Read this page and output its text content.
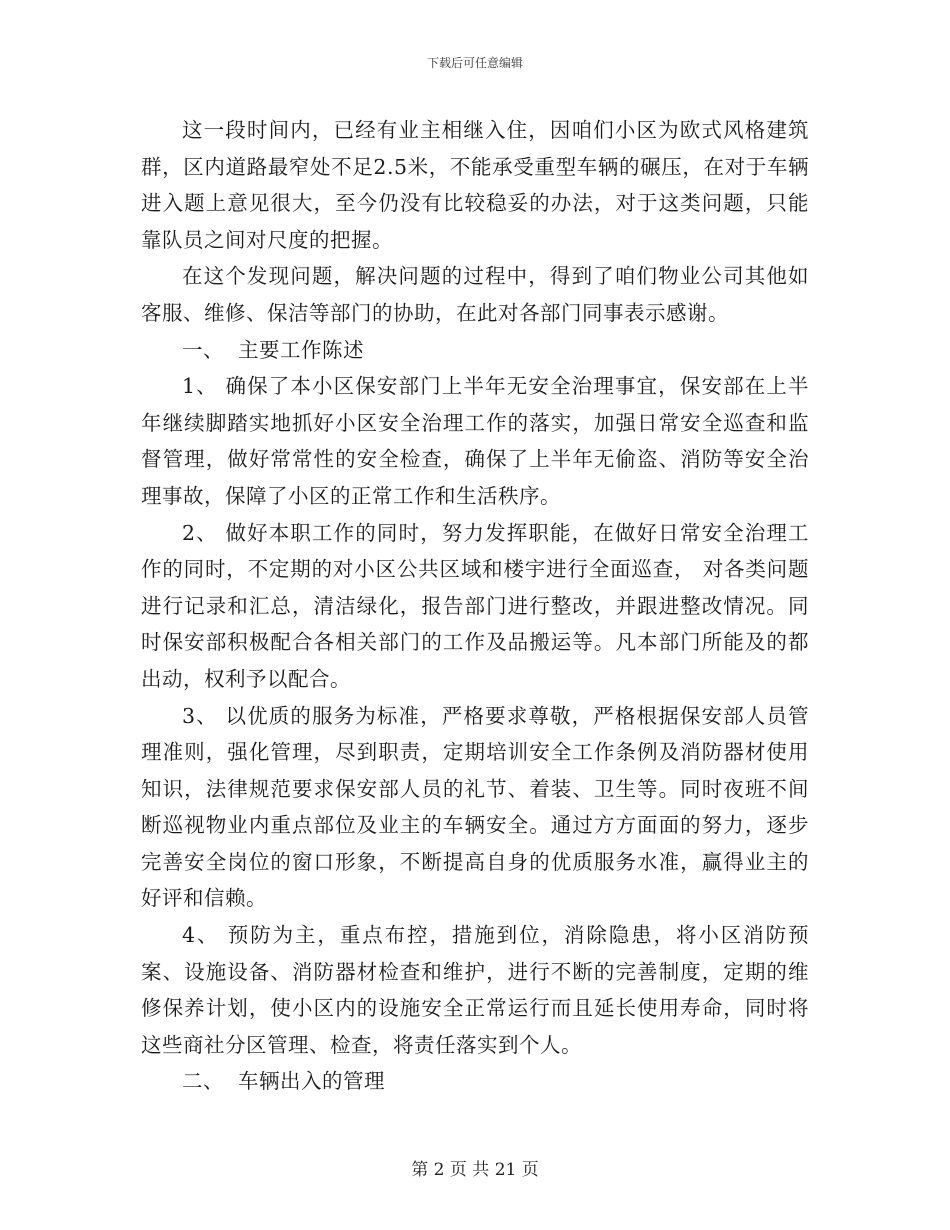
下载后可任意编辑

这一段时间内，已经有业主相继入住，因咱们小区为欧式风格建筑群，区内道路最窄处不足2.5米，不能承受重型车辆的碾压，在对于车辆进入题上意见很大，至今仍没有比较稳妥的办法，对于这类问题，只能靠队员之间对尺度的把握。

在这个发现问题，解决问题的过程中，得到了咱们物业公司其他如客服、维修、保洁等部门的协助，在此对各部门同事表示感谢。

一、  主要工作陈述

1、 确保了本小区保安部门上半年无安全治理事宜，保安部在上半年继续脚踏实地抓好小区安全治理工作的落实，加强日常安全巡查和监督管理，做好常常性的安全检查，确保了上半年无偷盗、消防等安全治理事故，保障了小区的正常工作和生活秩序。

2、 做好本职工作的同时，努力发挥职能，在做好日常安全治理工作的同时，不定期的对小区公共区域和楼宇进行全面巡查， 对各类问题进行记录和汇总，清洁绿化，报告部门进行整改，并跟进整改情况。同时保安部积极配合各相关部门的工作及品搬运等。凡本部门所能及的都出动，权利予以配合。

3、 以优质的服务为标准，严格要求尊敬，严格根据保安部人员管理准则，强化管理，尽到职责，定期培训安全工作条例及消防器材使用知识，法律规范要求保安部人员的礼节、着装、卫生等。同时夜班不间断巡视物业内重点部位及业主的车辆安全。通过方方面面的努力，逐步完善安全岗位的窗口形象，不断提高自身的优质服务水准，赢得业主的好评和信赖。

4、 预防为主，重点布控，措施到位，消除隐患，将小区消防预案、设施设备、消防器材检查和维护，进行不断的完善制度，定期的维修保养计划，使小区内的设施安全正常运行而且延长使用寿命，同时将这些商社分区管理、检查，将责任落实到个人。

二、  车辆出入的管理

第 2 页 共 21 页
